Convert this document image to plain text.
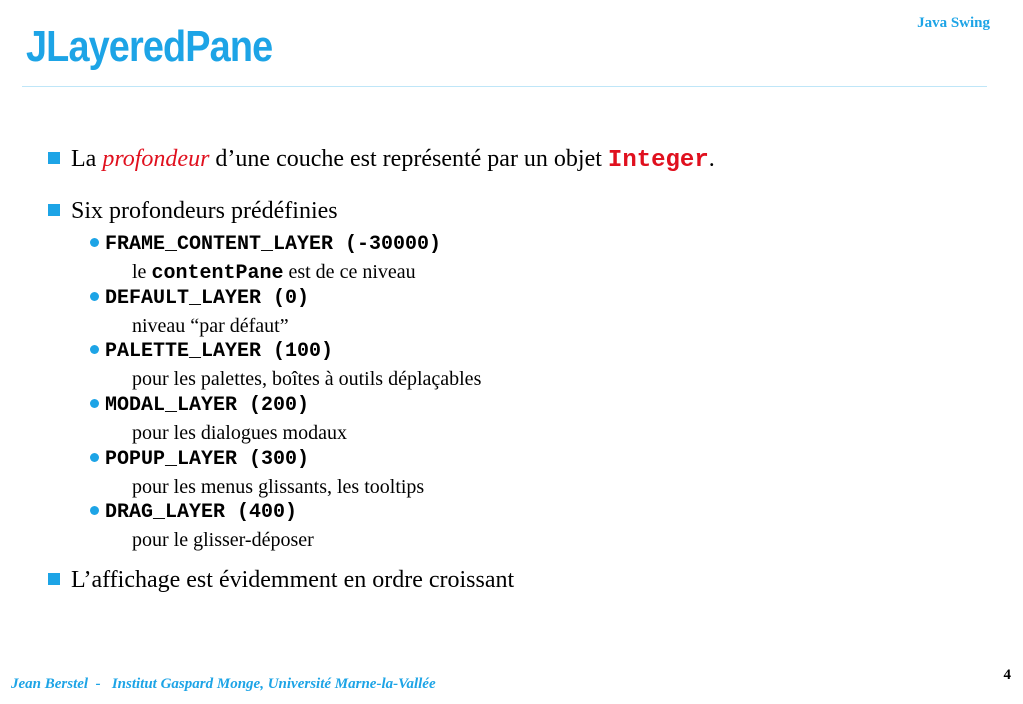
JLayeredPane	Java Swing
La profondeur d’une couche est représenté par un objet Integer.
Six profondeurs prédéfinies
FRAME_CONTENT_LAYER (-30000)
le contentPane est de ce niveau
DEFAULT_LAYER (0)
niveau “par défaut”
PALETTE_LAYER (100)
pour les palettes, boîtes à outils déplaçables
MODAL_LAYER (200)
pour les dialogues modaux
POPUP_LAYER (300)
pour les menus glissants, les tooltips
DRAG_LAYER (400)
pour le glisser-déposer
L’affichage est évidemment en ordre croissant
Jean Berstel  -   Institut Gaspard Monge, Université Marne-la-Vallée
4
